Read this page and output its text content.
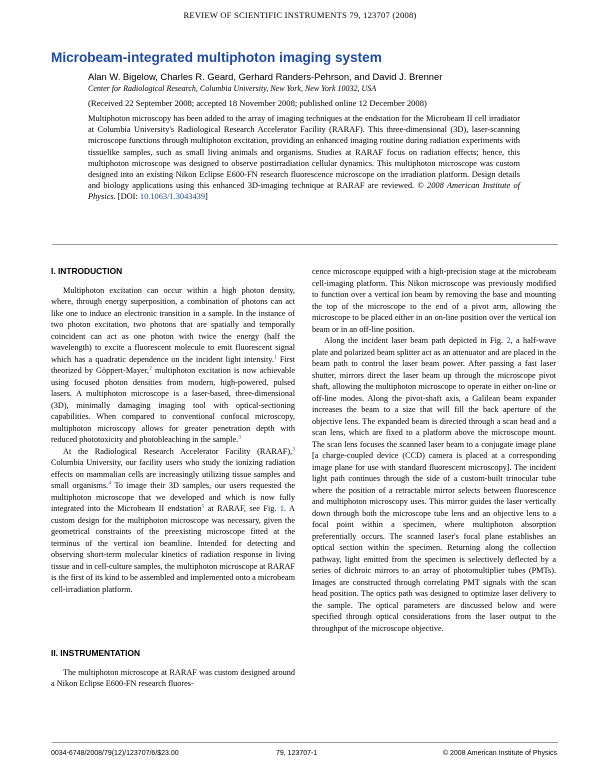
REVIEW OF SCIENTIFIC INSTRUMENTS 79, 123707 (2008)
Microbeam-integrated multiphoton imaging system
Alan W. Bigelow, Charles R. Geard, Gerhard Randers-Pehrson, and David J. Brenner
Center for Radiological Research, Columbia University, New York, New York 10032, USA
(Received 22 September 2008; accepted 18 November 2008; published online 12 December 2008)
Multiphoton microscopy has been added to the array of imaging techniques at the endstation for the Microbeam II cell irradiator at Columbia University's Radiological Research Accelerator Facility (RARAF). This three-dimensional (3D), laser-scanning microscope functions through multiphoton excitation, providing an enhanced imaging routine during radiation experiments with tissuelike samples, such as small living animals and organisms. Studies at RARAF focus on radiation effects; hence, this multiphoton microscope was designed to observe postirradiation cellular dynamics. This multiphoton microscope was custom designed into an existing Nikon Eclipse E600-FN research fluorescence microscope on the irradiation platform. Design details and biology applications using this enhanced 3D-imaging technique at RARAF are reviewed. © 2008 American Institute of Physics. [DOI: 10.1063/1.3043439]
I. INTRODUCTION

Multiphoton excitation can occur within a high photon density, where, through energy superposition, a combination of photons can act like one to induce an electronic transition in a sample. In the instance of two photon excitation, two photons that are spatially and temporally coincident can act as one photon with twice the energy (half the wavelength) to excite a fluorescent molecule to emit fluorescent signal which has a quadratic dependence on the incident light intensity.$^1$ First theorized by Göppert-Mayer,$^2$ multiphoton excitation is now achievable using focused photon densities from modern, high-powered, pulsed lasers. A multiphoton microscope is a laser-based, three-dimensional (3D), minimally damaging imaging tool with optical-sectioning capabilities. When compared to conventional confocal microscopy, multiphoton microscopy allows for greater penetration depth with reduced phototoxicity and photobleaching in the sample.$^3$

At the Radiological Research Accelerator Facility (RARAF),$^3$ Columbia University, our facility users who study the ionizing radiation effects on mammalian cells are increasingly utilizing tissue samples and small organisms.$^4$ To image their 3D samples, our users requested the multiphoton microscope that we developed and which is now fully integrated into the Microbeam II endstation$^5$ at RARAF, see Fig. 1. A custom design for the multiphoton microscope was necessary, given the geometrical constraints of the preexisting microscope fitted at the terminus of the vertical ion beamline. Intended for detecting and observing short-term molecular kinetics of radiation response in living tissue and in cell-culture samples, the multiphoton microscope at RARAF is the first of its kind to be assembled and implemented onto a microbeam cell-irradiation platform.

II. INSTRUMENTATION

The multiphoton microscope at RARAF was custom designed around a Nikon Eclipse E600-FN research fluores-

cence microscope equipped with a high-precision stage at the microbeam cell-imaging platform. This Nikon microscope was previously modified to function over a vertical ion beam by removing the base and mounting the top of the microscope to the end of a pivot arm, allowing the microscope to be placed either in an on-line position over the vertical ion beam or in an off-line position.

Along the incident laser beam path depicted in Fig. 2, a half-wave plate and polarized beam splitter act as an attenuator and are placed in the beam path to control the laser beam power. After passing a fast laser shutter, mirrors direct the laser beam up through the microscope pivot shaft, allowing the multiphoton microscope to operate in either on-line or off-line modes. Along the pivot-shaft axis, a Galilean beam expander increases the beam to a size that will fill the back aperture of the objective lens. The expanded beam is directed through a scan head and a scan lens, which are fixed to a platform above the microscope mount. The scan lens focuses the scanned laser beam to a conjugate image plane [a charge-coupled device (CCD) camera is placed at a corresponding image plane for use with standard fluorescent microscopy]. The incident light path continues through the side of a custom-built trinocular tube where the position of a retractable mirror selects between fluorescence and multiphoton microscopy uses. This mirror guides the laser vertically down through both the microscope tube lens and an objective lens to a focal point within a specimen, where multiphoton absorption preferentially occurs. The scanned laser's focal plane establishes an optical section within the specimen. Returning along the collection pathway, light emitted from the specimen is selectively deflected by a series of dichroic mirrors to an array of photomultiplier tubes (PMTs). Images are constructed through correlating PMT signals with the scan head position. The optics path was designed to optimize laser delivery to the sample. The optical parameters are discussed below and were specified through optical considerations from the laser output to the throughput of the microscope objective.

0034-6748/2008/79(12)/123707/6/$23.00	79, 123707-1	© 2008 American Institute of Physics
